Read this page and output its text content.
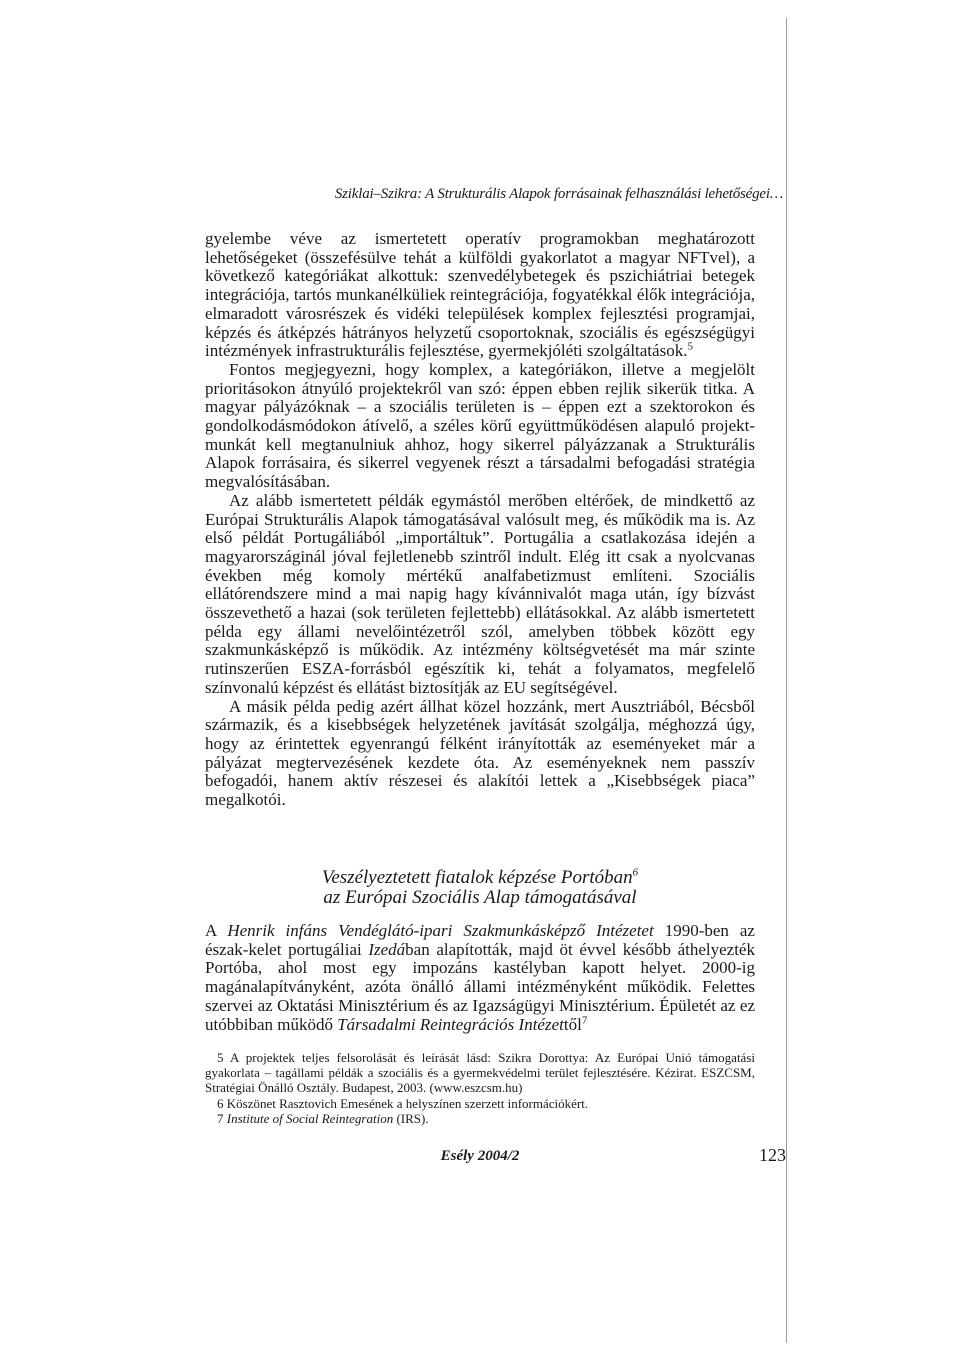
Sziklai–Szikra: A Strukturális Alapok forrásainak felhasználási lehetőségei…

gyelembe véve az ismertetett operatív programokban meghatározott lehetőségeket (összefésülve tehát a külföldi gyakorlatot a magyar NFTvel), a következő kategóriákat alkottuk: szenvedélybetegek és pszichiátriai betegek integrációja, tartós munkanélküliek reintegrációja, fogyatékkal élők integrációja, elmaradott városrészek és vidéki települések komplex fejlesztési programjai, képzés és átképzés hátrányos helyzetű csoportoknak, szociális és egészségügyi intézmények infrastrukturális fejlesztése, gyermekjóléti szolgáltatások.$^5$

Fontos megjegyezni, hogy komplex, a kategóriákon, illetve a megjelölt prioritásokon átnyúló projektekről van szó: éppen ebben rejlik sikerük titka. A magyar pályázóknak – a szociális területen is – éppen ezt a szektorokon és gondolkodásmódokon átívelő, a széles körű együttműködésen alapuló projekt-munkát kell megtanulniuk ahhoz, hogy sikerrel pályázzanak a Strukturális Alapok forrásaira, és sikerrel vegyenek részt a társadalmi befogadási stratégia megvalósításában.

Az alább ismertetett példák egymástól merőben eltérőek, de mindkettő az Európai Strukturális Alapok támogatásával valósult meg, és működik ma is. Az első példát Portugáliából „importáltuk”. Portugália a csatlakozása idején a magyarországinál jóval fejletlenebb szintről indult. Elég itt csak a nyolcvanas években még komoly mértékű analfabetizmust említeni. Szociális ellátórendszere mind a mai napig hagy kívánnivalót maga után, így bízvást összevethető a hazai (sok területen fejlettebb) ellátásokkal. Az alább ismertetett példa egy állami nevelőintézetről szól, amelyben többek között egy szakmunkásképző is működik. Az intézmény költségvetését ma már szinte rutinszerűen ESZA-forrásból egészítik ki, tehát a folyamatos, megfelelő színvonalú képzést és ellátást biztosítják az EU segítségével.

A másik példa pedig azért állhat közel hozzánk, mert Ausztriából, Bécsből származik, és a kisebbségek helyzetének javítását szolgálja, méghozzá úgy, hogy az érintettek egyenrangú félként irányították az eseményeket már a pályázat megtervezésének kezdete óta. Az eseményeknek nem passzív befogadói, hanem aktív részesei és alakítói lettek a „Kisebbségek piaca” megalkotói.

Veszélyeztetett fiatalok képzése Portóban$^6$
az Európai Szociális Alap támogatásával

A Henrik infáns Vendéglátó-ipari Szakmunkásképző Intézetet 1990-ben az észak-kelet portugáliai Izedában alapították, majd öt évvel később áthelyezték Portóba, ahol most egy impozáns kastélyban kapott helyet. 2000-ig magánalapítványként, azóta önálló állami intézményként működik. Felettes szervei az Oktatási Minisztérium és az Igazságügyi Minisztérium. Épületét az ez utóbbiban működő Társadalmi Reintegrációs Intézettől$^7$

5 A projektek teljes felsorolását és leírását lásd: Szikra Dorottya: Az Európai Unió támogatási gyakorlata – tagállami példák a szociális és a gyermekvédelmi terület fejlesztésére. Kézirat. ESZCSM, Stratégiai Önálló Osztály. Budapest, 2003. (www.eszcsm.hu)

6 Köszönet Rasztovich Emesének a helyszínen szerzett információkért.

7 Institute of Social Reintegration (IRS).

Esély 2004/2	123
